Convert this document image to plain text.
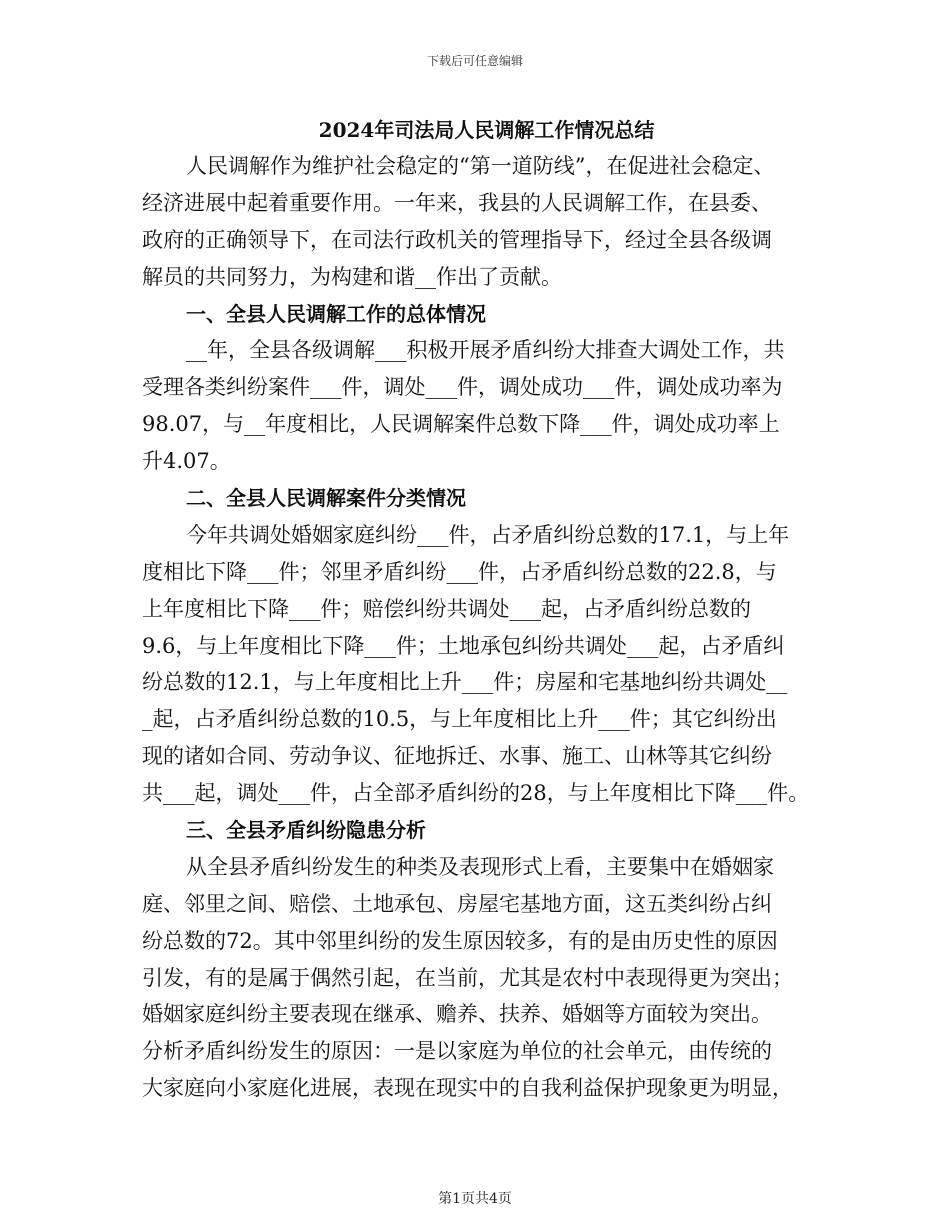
下载后可任意编辑
2024年司法局人民调解工作情况总结
人民调解作为维护社会稳定的“第一道防线”，在促进社会稳定、
经济进展中起着重要作用。一年来，我县的人民调解工作，在县委、
政府的正确领导下，在司法行政机关的管理指导下，经过全县各级调
解员的共同努力，为构建和谐__作出了贡献。
一、全县人民调解工作的总体情况
__年，全县各级调解___积极开展矛盾纠纷大排查大调处工作，共
受理各类纠纷案件___件，调处___件，调处成功___件，调处成功率为
98.07，与__年度相比，人民调解案件总数下降___件，调处成功率上
升4.07。
二、全县人民调解案件分类情况
今年共调处婚姻家庭纠纷___件，占矛盾纠纷总数的17.1，与上年
度相比下降___件；邻里矛盾纠纷___件，占矛盾纠纷总数的22.8，与
上年度相比下降___件；赔偿纠纷共调处___起，占矛盾纠纷总数的
9.6，与上年度相比下降___件；土地承包纠纷共调处___起，占矛盾纠
纷总数的12.1，与上年度相比上升___件；房屋和宅基地纠纷共调处__
_起，占矛盾纠纷总数的10.5，与上年度相比上升___件；其它纠纷出
现的诸如合同、劳动争议、征地拆迁、水事、施工、山林等其它纠纷
共___起，调处___件，占全部矛盾纠纷的28，与上年度相比下降___件。
三、全县矛盾纠纷隐患分析
从全县矛盾纠纷发生的种类及表现形式上看，主要集中在婚姻家
庭、邻里之间、赔偿、土地承包、房屋宅基地方面，这五类纠纷占纠
纷总数的72。其中邻里纠纷的发生原因较多，有的是由历史性的原因
引发，有的是属于偶然引起，在当前，尤其是农村中表现得更为突出；
婚姻家庭纠纷主要表现在继承、赡养、扶养、婚姻等方面较为突出。
分析矛盾纠纷发生的原因：一是以家庭为单位的社会单元，由传统的
大家庭向小家庭化进展，表现在现实中的自我利益保护现象更为明显，
第1页共4页
